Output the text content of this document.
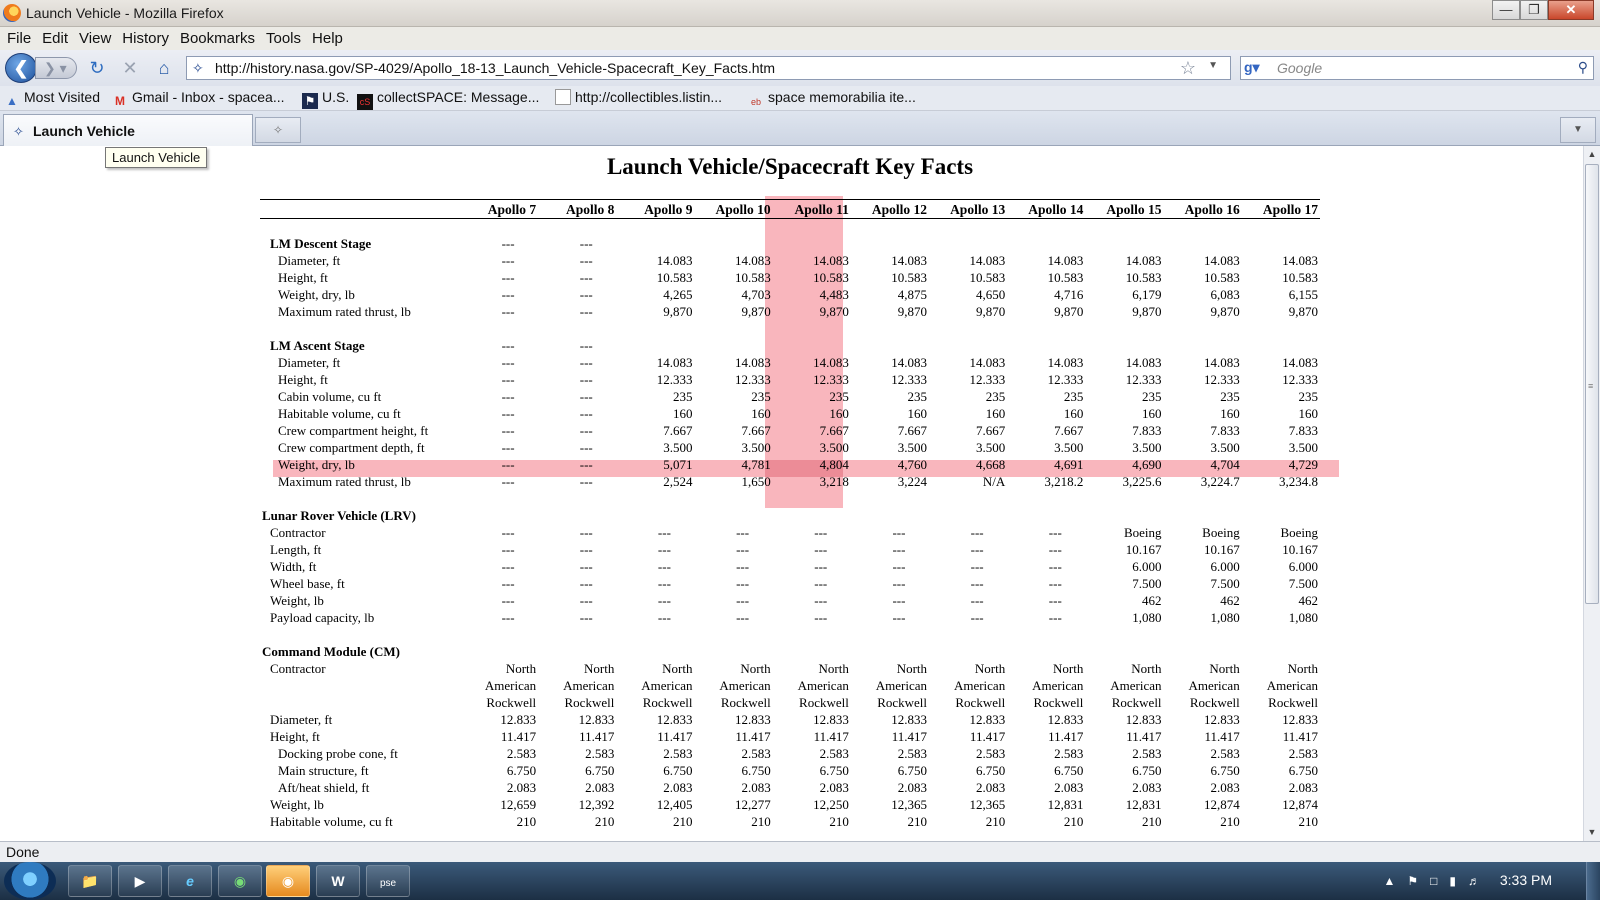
Launch Vehicle - Mozilla Firefox	—	❐	✕
File Edit View History Bookmarks Tools Help
❮	❯ ▾	↻ ✕ ⌂	✧ http://history.nasa.gov/SP-4029/Apollo_18-13_Launch_Vehicle-Spacecraft_Key_Facts.htm	☆ ▼ g▾ Google	⚲
▲ Most Visited M Gmail - Inbox - spacea... ⚑ U.S.	cS collectSPACE: Message...	http://collectibles.listin...	eb space memorabilia ite...
✧ Launch Vehicle	✧	▼
Launch Vehicle	Launch Vehicle/Spacecraft Key Facts
	Apollo 7	Apollo 8	Apollo 9	Apollo 10	Apollo 11	Apollo 12	Apollo 13	Apollo 14	Apollo 15	Apollo 16	Apollo 17

LM Descent Stage	---	---									
Diameter, ft	---	---	14.083	14.083	14.083	14.083	14.083	14.083	14.083	14.083	14.083
Height, ft	---	---	10.583	10.583	10.583	10.583	10.583	10.583	10.583	10.583	10.583
Weight, dry, lb	---	---	4,265	4,703	4,483	4,875	4,650	4,716	6,179	6,083	6,155
Maximum rated thrust, lb	---	---	9,870	9,870	9,870	9,870	9,870	9,870	9,870	9,870	9,870

LM Ascent Stage	---	---									
Diameter, ft	---	---	14.083	14.083	14.083	14.083	14.083	14.083	14.083	14.083	14.083
Height, ft	---	---	12.333	12.333	12.333	12.333	12.333	12.333	12.333	12.333	12.333
Cabin volume, cu ft	---	---	235	235	235	235	235	235	235	235	235
Habitable volume, cu ft	---	---	160	160	160	160	160	160	160	160	160
Crew compartment height, ft	---	---	7.667	7.667	7.667	7.667	7.667	7.667	7.833	7.833	7.833
Crew compartment depth, ft	---	---	3.500	3.500	3.500	3.500	3.500	3.500	3.500	3.500	3.500
Weight, dry, lb	---	---	5,071	4,781	4,804	4,760	4,668	4,691	4,690	4,704	4,729
Maximum rated thrust, lb	---	---	2,524	1,650	3,218	3,224	N/A	3,218.2	3,225.6	3,224.7	3,234.8

Lunar Rover Vehicle (LRV)											
Contractor	---	---	---	---	---	---	---	---	Boeing	Boeing	Boeing
Length, ft	---	---	---	---	---	---	---	---	10.167	10.167	10.167
Width, ft	---	---	---	---	---	---	---	---	6.000	6.000	6.000
Wheel base, ft	---	---	---	---	---	---	---	---	7.500	7.500	7.500
Weight, lb	---	---	---	---	---	---	---	---	462	462	462
Payload capacity, lb	---	---	---	---	---	---	---	---	1,080	1,080	1,080

Command Module (CM)											
Contractor	North	North	North	North	North	North	North	North	North	North	North
	American	American	American	American	American	American	American	American	American	American	American
	Rockwell	Rockwell	Rockwell	Rockwell	Rockwell	Rockwell	Rockwell	Rockwell	Rockwell	Rockwell	Rockwell
Diameter, ft	12.833	12.833	12.833	12.833	12.833	12.833	12.833	12.833	12.833	12.833	12.833
Height, ft	11.417	11.417	11.417	11.417	11.417	11.417	11.417	11.417	11.417	11.417	11.417
Docking probe cone, ft	2.583	2.583	2.583	2.583	2.583	2.583	2.583	2.583	2.583	2.583	2.583
Main structure, ft	6.750	6.750	6.750	6.750	6.750	6.750	6.750	6.750	6.750	6.750	6.750
Aft/heat shield, ft	2.083	2.083	2.083	2.083	2.083	2.083	2.083	2.083	2.083	2.083	2.083
Weight, lb	12,659	12,392	12,405	12,277	12,250	12,365	12,365	12,831	12,831	12,874	12,874
Habitable volume, cu ft	210	210	210	210	210	210	210	210	210	210	210
▲
≡
▼
Done
📁	▶	e	◉	◉	W	pse	▲ ⚑ □ ▮ ♬ 3:33 PM
